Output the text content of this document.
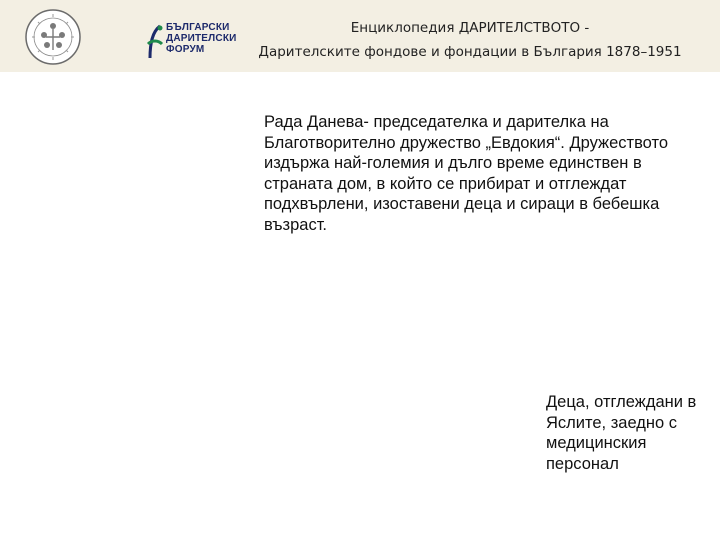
БЪЛГАРСКИ
ДАРИТЕЛСКИ
ФОРУМ
Енциклопедия ДАРИТЕЛСТВОТО -
Дарителските фондове и фондации в България 1878–1951
Рада Данева- председателка и дарителка на Благотворително дружество „Евдокия“. Дружеството издържа най-големия и дълго време единствен в страната дом, в който се прибират и отглеждат подхвърлени, изоставени деца и сираци в бебешка възраст.
Деца, отглеждани в Яслите, заедно с медицинския персонал
